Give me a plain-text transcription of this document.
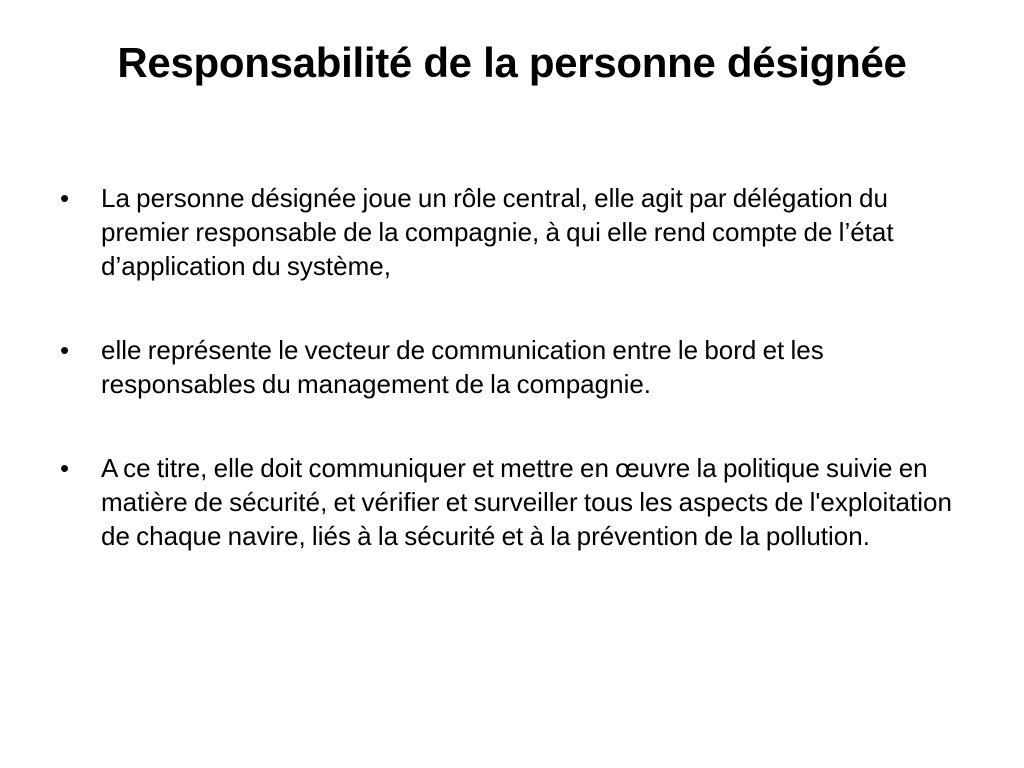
Responsabilité de la personne désignée
•	La personne désignée joue un rôle central, elle agit par délégation du premier responsable de la compagnie, à qui elle rend compte de l’état d’application du système,
•	elle représente le vecteur de communication entre le bord et les responsables du management de la compagnie.
•	A ce titre, elle doit communiquer et mettre en œuvre la politique suivie en matière de sécurité, et vérifier et surveiller tous les aspects de l'exploitation de chaque navire, liés à la sécurité et à la prévention de la pollution.
